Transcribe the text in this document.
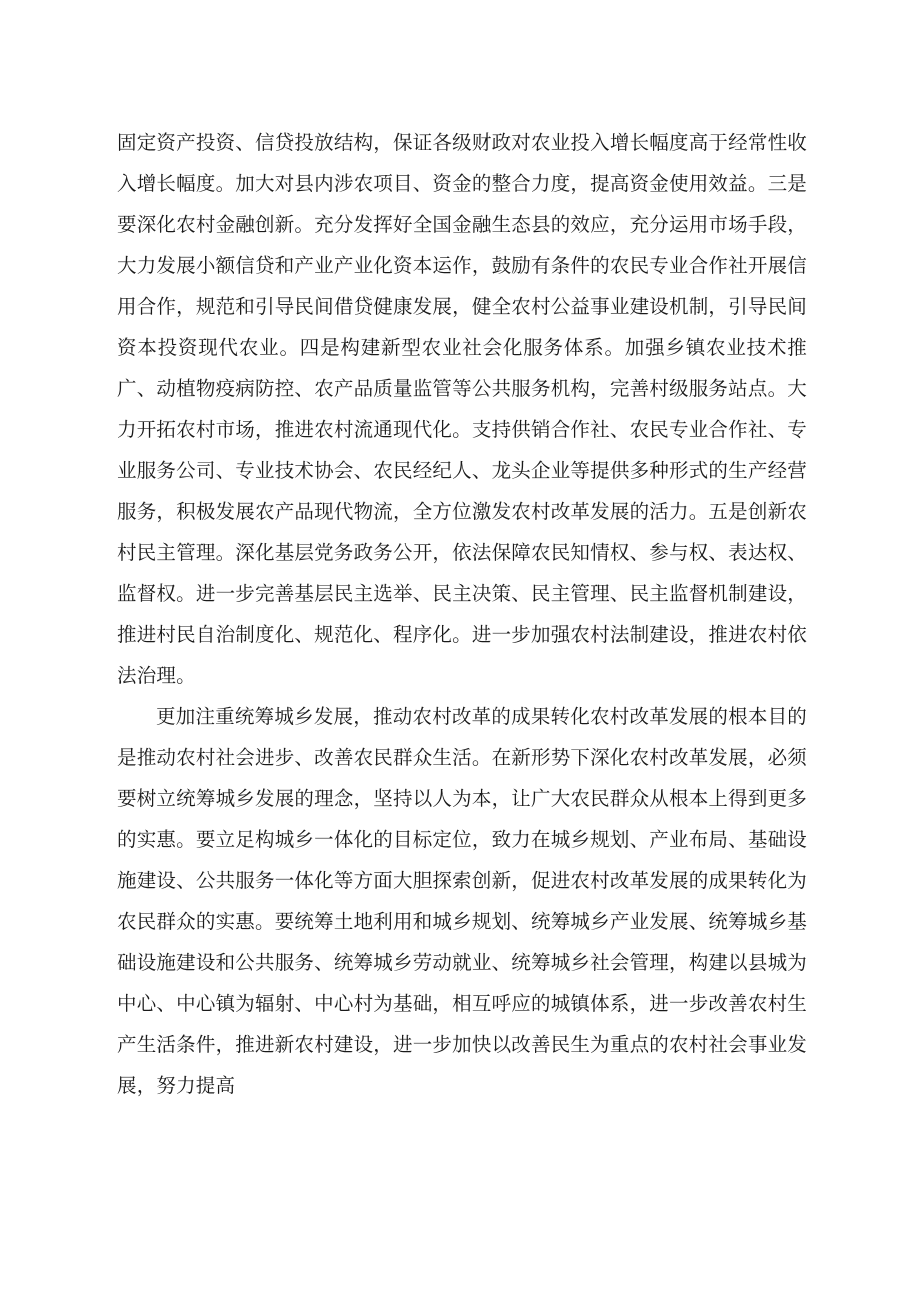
固定资产投资、信贷投放结构，保证各级财政对农业投入增长幅度高于经常性收入增长幅度。加大对县内涉农项目、资金的整合力度，提高资金使用效益。三是要深化农村金融创新。充分发挥好全国金融生态县的效应，充分运用市场手段，大力发展小额信贷和产业产业化资本运作，鼓励有条件的农民专业合作社开展信用合作，规范和引导民间借贷健康发展，健全农村公益事业建设机制，引导民间资本投资现代农业。四是构建新型农业社会化服务体系。加强乡镇农业技术推广、动植物疫病防控、农产品质量监管等公共服务机构，完善村级服务站点。大力开拓农村市场，推进农村流通现代化。支持供销合作社、农民专业合作社、专业服务公司、专业技术协会、农民经纪人、龙头企业等提供多种形式的生产经营服务，积极发展农产品现代物流，全方位激发农村改革发展的活力。五是创新农村民主管理。深化基层党务政务公开，依法保障农民知情权、参与权、表达权、监督权。进一步完善基层民主选举、民主决策、民主管理、民主监督机制建设，推进村民自治制度化、规范化、程序化。进一步加强农村法制建设，推进农村依法治理。

更加注重统筹城乡发展，推动农村改革的成果转化农村改革发展的根本目的是推动农村社会进步、改善农民群众生活。在新形势下深化农村改革发展，必须要树立统筹城乡发展的理念，坚持以人为本，让广大农民群众从根本上得到更多的实惠。要立足构城乡一体化的目标定位，致力在城乡规划、产业布局、基础设施建设、公共服务一体化等方面大胆探索创新，促进农村改革发展的成果转化为农民群众的实惠。要统筹土地利用和城乡规划、统筹城乡产业发展、统筹城乡基础设施建设和公共服务、统筹城乡劳动就业、统筹城乡社会管理，构建以县城为中心、中心镇为辐射、中心村为基础，相互呼应的城镇体系，进一步改善农村生产生活条件，推进新农村建设，进一步加快以改善民生为重点的农村社会事业发展，努力提高
